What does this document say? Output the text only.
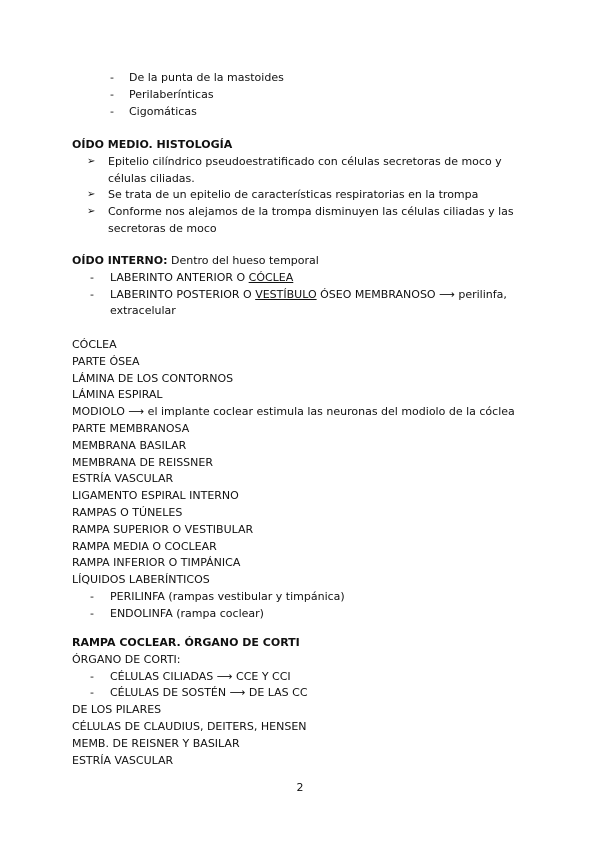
- De la punta de la mastoides
- Perilaberínticas
- Cigomáticas
OÍDO MEDIO. HISTOLOGÍA
➢ Epitelio cilíndrico pseudoestratificado con células secretoras de moco y
células ciliadas.
➢ Se trata de un epitelio de características respiratorias en la trompa
➢ Conforme nos alejamos de la trompa disminuyen las células ciliadas y las
secretoras de moco
OÍDO INTERNO: Dentro del hueso temporal
- LABERINTO ANTERIOR O CÓCLEA
- LABERINTO POSTERIOR O VESTÍBULO ÓSEO MEMBRANOSO ⟶ perilinfa,
extracelular
CÓCLEA
PARTE ÓSEA
LÁMINA DE LOS CONTORNOS
LÁMINA ESPIRAL
MODIOLO ⟶ el implante coclear estimula las neuronas del modiolo de la cóclea
PARTE MEMBRANOSA
MEMBRANA BASILAR
MEMBRANA DE REISSNER
ESTRÍA VASCULAR
LIGAMENTO ESPIRAL INTERNO
RAMPAS O TÚNELES
RAMPA SUPERIOR O VESTIBULAR
RAMPA MEDIA O COCLEAR
RAMPA INFERIOR O TIMPÁNICA
LÍQUIDOS LABERÍNTICOS
- PERILINFA (rampas vestibular y timpánica)
- ENDOLINFA (rampa coclear)
RAMPA COCLEAR. ÓRGANO DE CORTI
ÓRGANO DE CORTI:
- CÉLULAS CILIADAS ⟶ CCE Y CCI
- CÉLULAS DE SOSTÉN ⟶ DE LAS CC
DE LOS PILARES
CÉLULAS DE CLAUDIUS, DEITERS, HENSEN
MEMB. DE REISNER Y BASILAR
ESTRÍA VASCULAR
2
